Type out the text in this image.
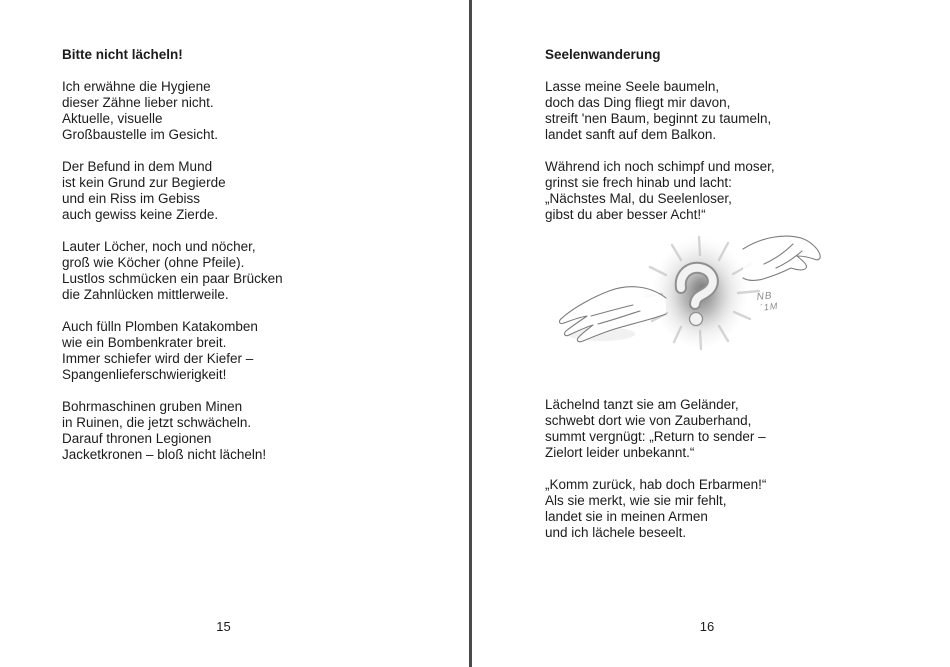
Bitte nicht lächeln!
Ich erwähne die Hygiene
dieser Zähne lieber nicht.
Aktuelle, visuelle
Großbaustelle im Gesicht.
Der Befund in dem Mund
ist kein Grund zur Begierde
und ein Riss im Gebiss
auch gewiss keine Zierde.
Lauter Löcher, noch und nöcher,
groß wie Köcher (ohne Pfeile).
Lustlos schmücken ein paar Brücken
die Zahnlücken mittlerweile.
Auch fülln Plomben Katakomben
wie ein Bombenkrater breit.
Immer schiefer wird der Kiefer –
Spangenlieferschwierigkeit!
Bohrmaschinen gruben Minen
in Ruinen, die jetzt schwächeln.
Darauf thronen Legionen
Jacketkronen – bloß nicht lächeln!
15
Seelenwanderung
Lasse meine Seele baumeln,
doch das Ding fliegt mir davon,
streift 'nen Baum, beginnt zu taumeln,
landet sanft auf dem Balkon.
Während ich noch schimpf und moser,
grinst sie frech hinab und lacht:
„Nächstes Mal, du Seelenloser,
gibst du aber besser Acht!“
NB
´1M
Lächelnd tanzt sie am Geländer,
schwebt dort wie von Zauberhand,
summt vergnügt: „Return to sender –
Zielort leider unbekannt.“
„Komm zurück, hab doch Erbarmen!“
Als sie merkt, wie sie mir fehlt,
landet sie in meinen Armen
und ich lächele beseelt.
16
